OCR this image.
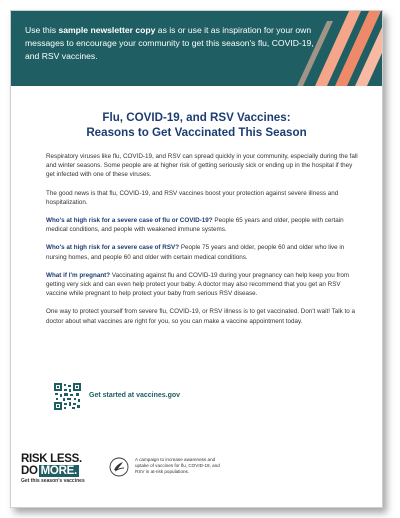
Use this sample newsletter copy as is or use it as inspiration for your own messages to encourage your community to get this season's flu, COVID-19, and RSV vaccines.
Flu, COVID-19, and RSV Vaccines:
Reasons to Get Vaccinated This Season

Respiratory viruses like flu, COVID-19, and RSV can spread quickly in your community, especially during the fall and winter seasons. Some people are at higher risk of getting seriously sick or ending up in the hospital if they get infected with one of these viruses.

The good news is that flu, COVID-19, and RSV vaccines boost your protection against severe illness and hospitalization.

Who's at high risk for a severe case of flu or COVID-19? People 65 years and older, people with certain medical conditions, and people with weakened immune systems.

Who's at high risk for a severe case of RSV? People 75 years and older, people 60 and older who live in nursing homes, and people 60 and older with certain medical conditions.

What if I'm pregnant? Vaccinating against flu and COVID-19 during your pregnancy can help keep you from getting very sick and can even help protect your baby. A doctor may also recommend that you get an RSV vaccine while pregnant to help protect your baby from serious RSV disease.

One way to protect yourself from severe flu, COVID-19, or RSV illness is to get vaccinated. Don't wait! Talk to a doctor about what vaccines are right for you, so you can make a vaccine appointment today.

Get started at vaccines.gov
RISK LESS.
DO MORE.
Get this season's vaccines
A campaign to increase awareness and uptake of vaccines for flu, COVID-19, and RSV in at-risk populations.
